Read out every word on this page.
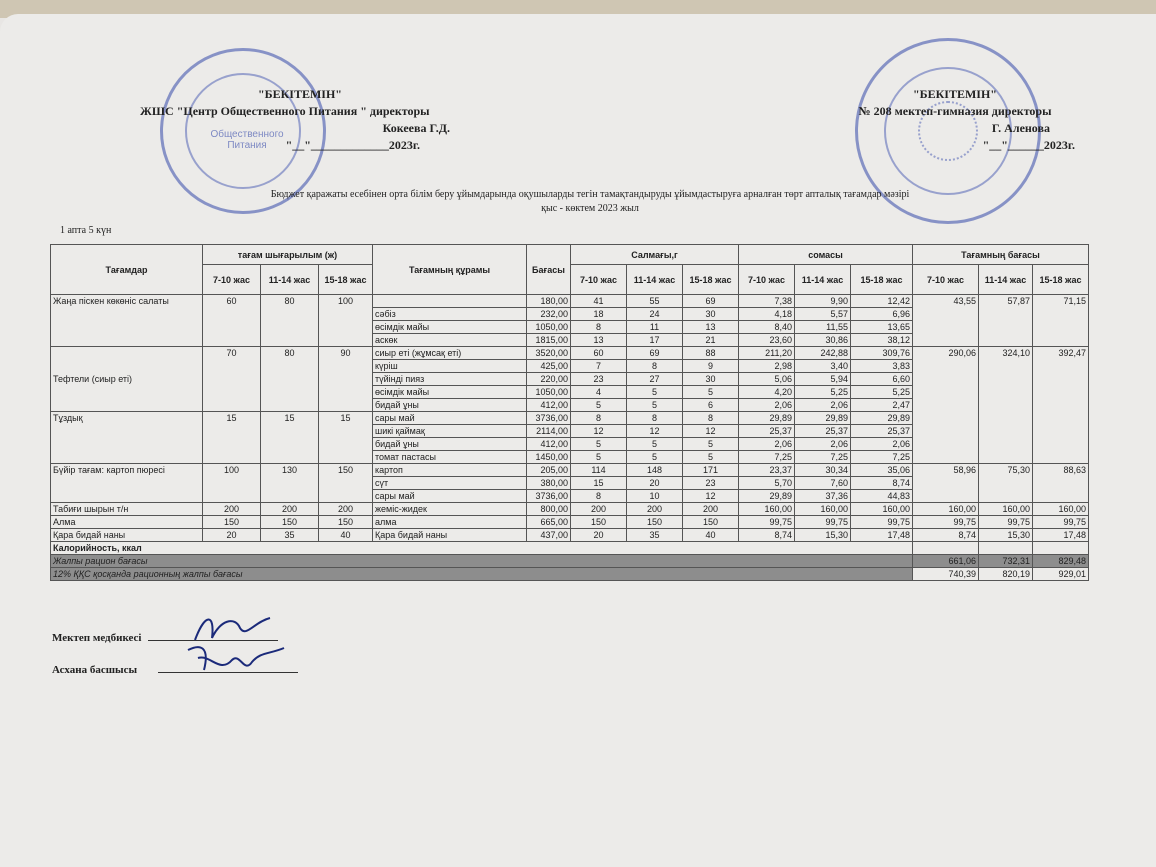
Общественного Питания
"БЕКІТЕМІН"
ЖШС "Центр Общественного Питания " директоры
Кокеева Г.Д.
"__"_____________2023г.
"БЕКІТЕМІН"
№ 208 мектеп-гимназия директоры
Г. Аленова
"__"______2023г.
Бюджет қаражаты есебінен орта білім беру ұйымдарында оқушыларды тегін тамақтандыруды ұйымдастыруға арналған төрт апталық тағамдар мәзірі
қыс - көктем 2023 жыл
1 апта 5 күн
Тағамдар	тағам шығарылым (ж)			Тағамның құрамы	Бағасы	Салмағы,г			сомасы			Тағамның бағасы		
	7-10 жас	11-14 жас	15-18 жас			7-10 жас	11-14 жас	15-18 жас	7-10 жас	11-14 жас	15-18 жас	7-10 жас	11-14 жас	15-18 жас
Жаңа піскен көкөніс салаты	60	80	100		180,00	41	55	69	7,38	9,90	12,42	43,55	57,87	71,15
				сәбіз	232,00	18	24	30	4,18	5,57	6,96			
				өсімдік майы	1050,00	8	11	13	8,40	11,55	13,65			
				аскөк	1815,00	13	17	21	23,60	30,86	38,12			
Тефтели (сиыр еті)	70	80	90	сиыр еті (жұмсақ еті)	3520,00	60	69	88	211,20	242,88	309,76	290,06	324,10	392,47
				күріш	425,00	7	8	9	2,98	3,40	3,83			
				түйінді пияз	220,00	23	27	30	5,06	5,94	6,60			
				өсімдік майы	1050,00	4	5	5	4,20	5,25	5,25			
				бидай ұны	412,00	5	5	6	2,06	2,06	2,47			
Тұздық	15	15	15	сары май	3736,00	8	8	8	29,89	29,89	29,89			
				шикі қаймақ	2114,00	12	12	12	25,37	25,37	25,37			
				бидай ұны	412,00	5	5	5	2,06	2,06	2,06			
				томат пастасы	1450,00	5	5	5	7,25	7,25	7,25			
Бүйір тағам: картоп пюресі	100	130	150	картоп	205,00	114	148	171	23,37	30,34	35,06	58,96	75,30	88,63
				сүт	380,00	15	20	23	5,70	7,60	8,74			
				сары май	3736,00	8	10	12	29,89	37,36	44,83			
Табиғи шырын т/н	200	200	200	жеміс-жидек	800,00	200	200	200	160,00	160,00	160,00	160,00	160,00	160,00
Алма	150	150	150	алма	665,00	150	150	150	99,75	99,75	99,75	99,75	99,75	99,75
Қара бидай наны	20	35	40	Қара бидай наны	437,00	20	35	40	8,74	15,30	17,48	8,74	15,30	17,48
Калорийность, ккал														
Жалпы рацион бағасы												661,06	732,31	829,48
12% ҚҚС қосқанда рационның жалпы бағасы												740,39	820,19	929,01
Мектеп медбикесі
Асхана басшысы
